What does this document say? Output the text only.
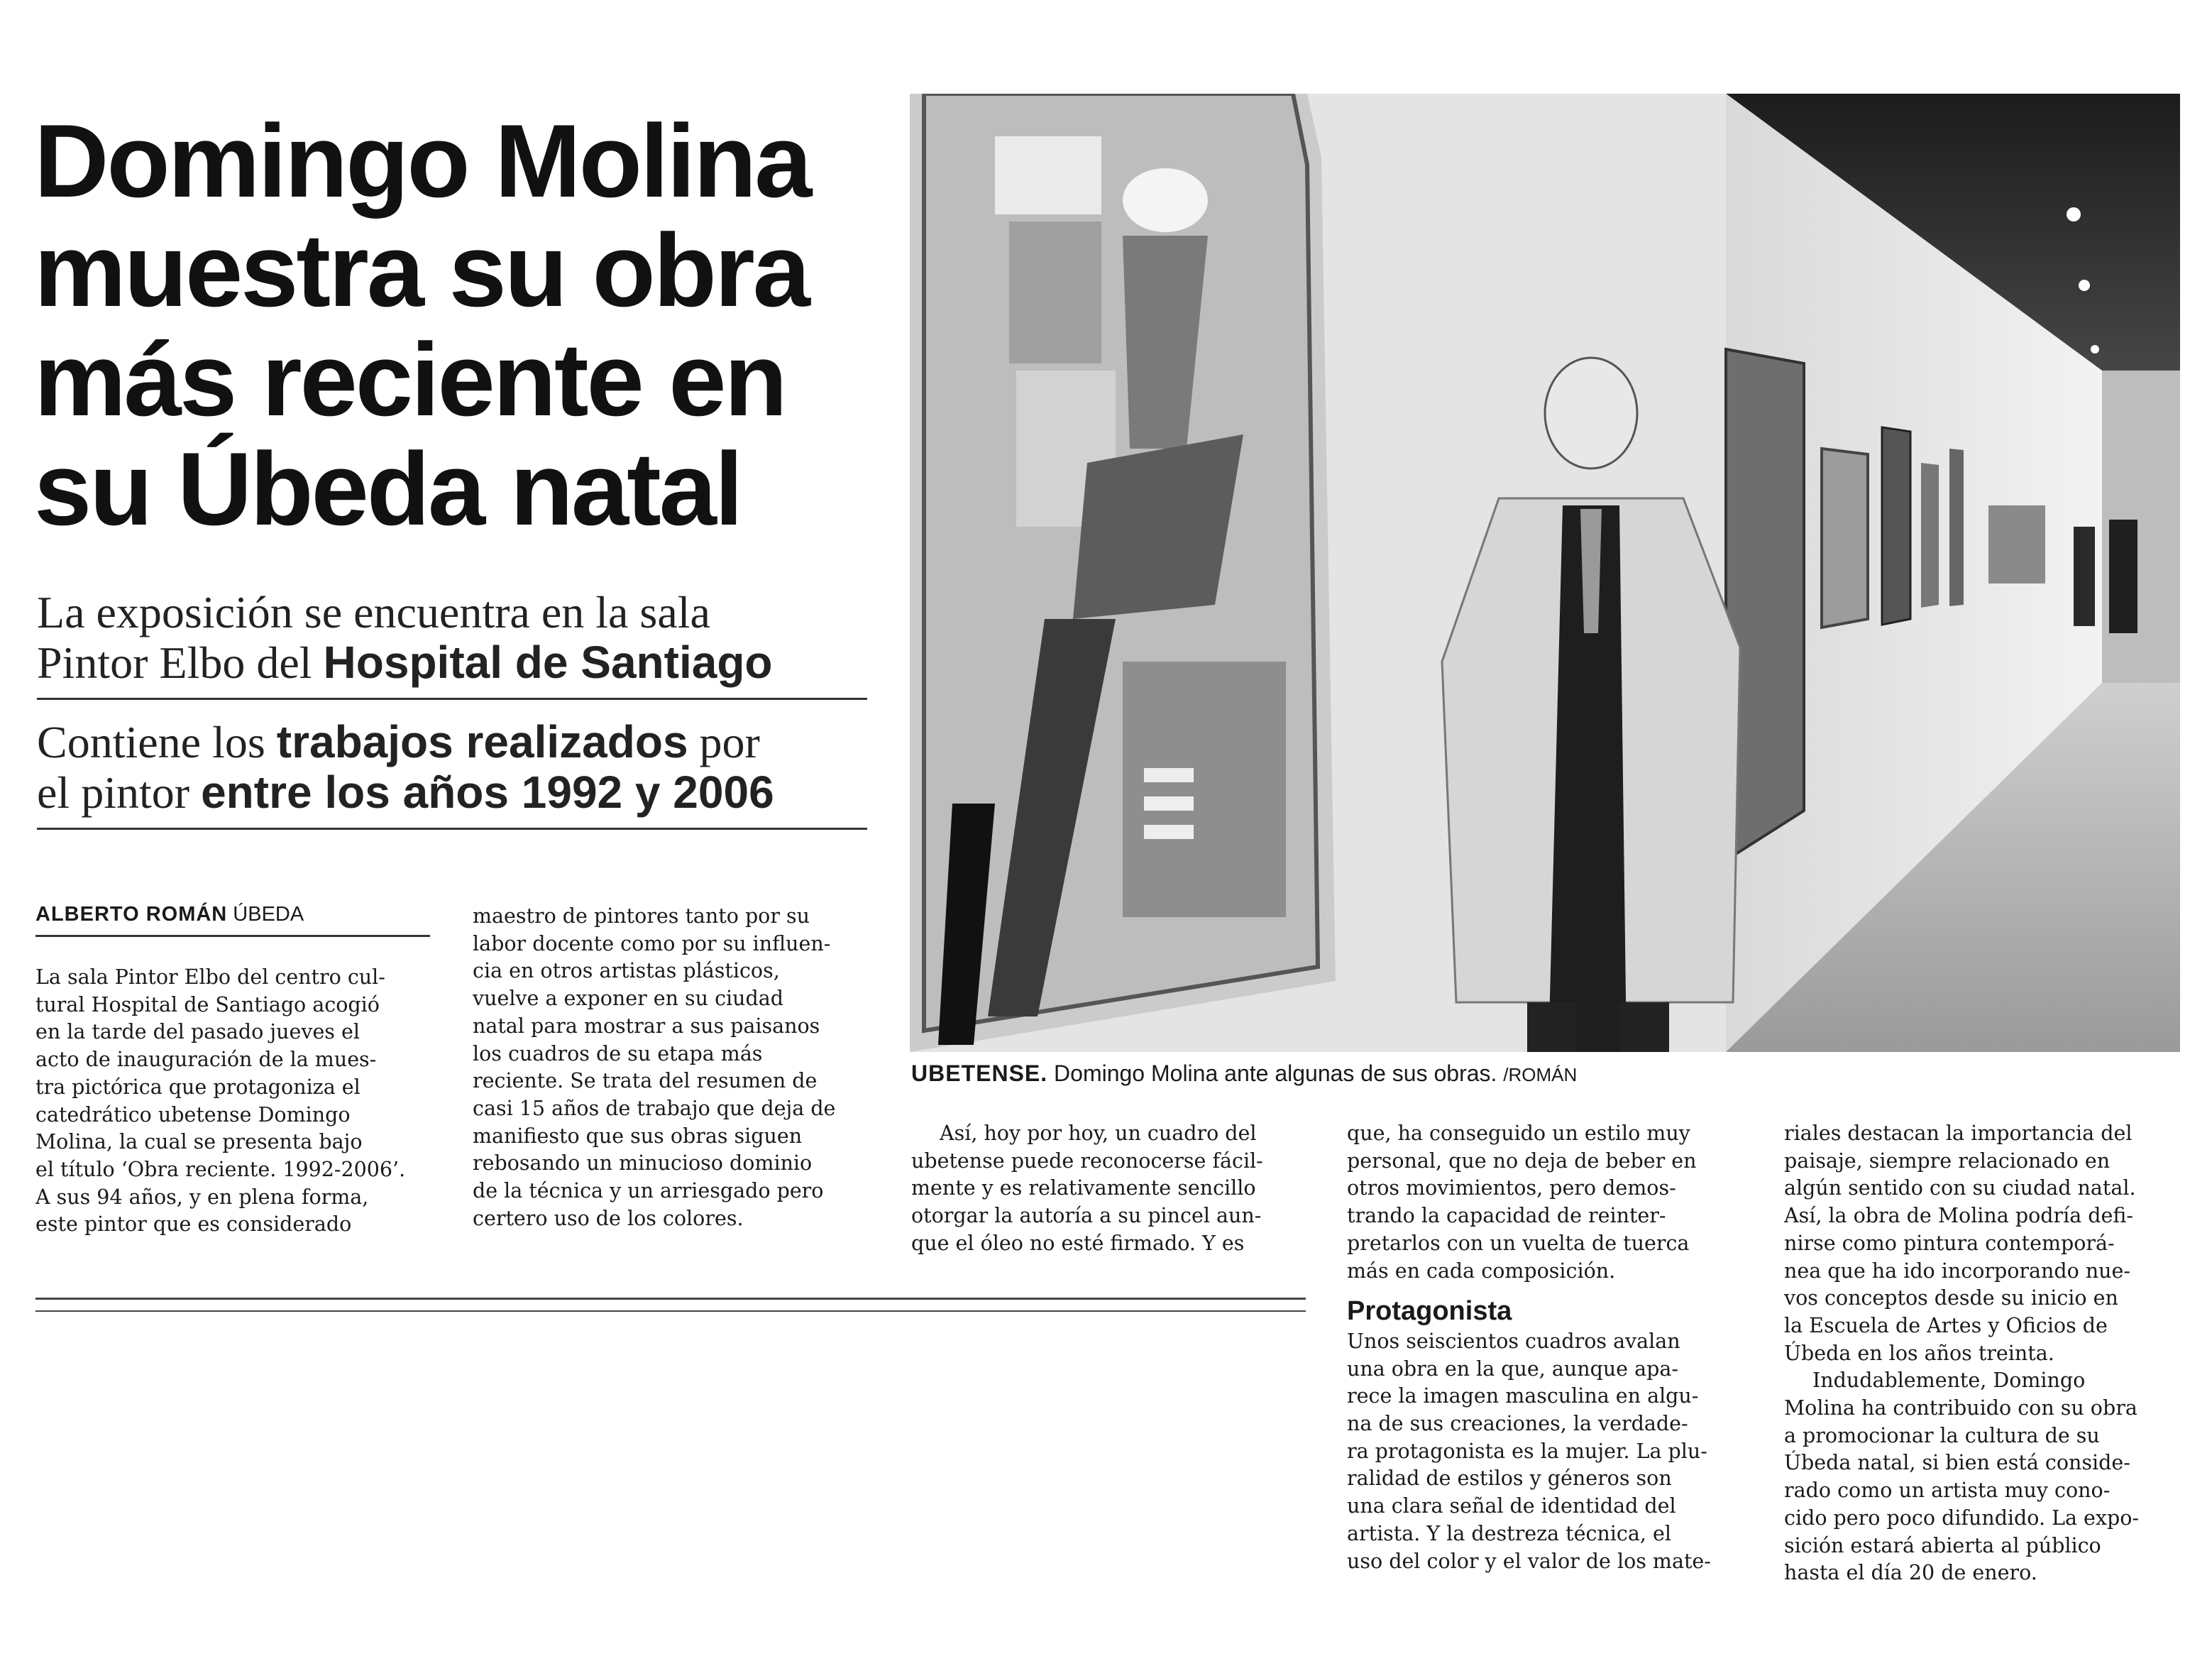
Domingo Molina
muestra su obra
más reciente en
su Úbeda natal
La exposición se encuentra en la sala
Pintor Elbo del Hospital de Santiago
Contiene los trabajos realizados por
el pintor entre los años 1992 y 2006
ALBERTO ROMÁN ÚBEDA
UBETENSE. Domingo Molina ante algunas de sus obras. /ROMÁN
La sala Pintor Elbo del centro cul-
tural Hospital de Santiago acogió
en la tarde del pasado jueves el
acto de inauguración de la mues-
tra pictórica que protagoniza el
catedrático ubetense Domingo
Molina, la cual se presenta bajo
el título ‘Obra reciente. 1992-2006’.
A sus 94 años, y en plena forma,
este pintor que es considerado
maestro de pintores tanto por su
labor docente como por su influen-
cia en otros artistas plásticos,
vuelve a exponer en su ciudad
natal para mostrar a sus paisanos
los cuadros de su etapa más
reciente. Se trata del resumen de
casi 15 años de trabajo que deja de
manifiesto que sus obras siguen
rebosando un minucioso dominio
de la técnica y un arriesgado pero
certero uso de los colores.
Así, hoy por hoy, un cuadro del
ubetense puede reconocerse fácil-
mente y es relativamente sencillo
otorgar la autoría a su pincel aun-
que el óleo no esté firmado. Y es
que, ha conseguido un estilo muy
personal, que no deja de beber en
otros movimientos, pero demos-
trando la capacidad de reinter-
pretarlos con un vuelta de tuerca
más en cada composición.
Protagonista
Unos seiscientos cuadros avalan
una obra en la que, aunque apa-
rece la imagen masculina en algu-
na de sus creaciones, la verdade-
ra protagonista es la mujer. La plu-
ralidad de estilos y géneros son
una clara señal de identidad del
artista. Y la destreza técnica, el
uso del color y el valor de los mate-
riales destacan la importancia del
paisaje, siempre relacionado en
algún sentido con su ciudad natal.
Así, la obra de Molina podría defi-
nirse como pintura contemporá-
nea que ha ido incorporando nue-
vos conceptos desde su inicio en
la Escuela de Artes y Oficios de
Úbeda en los años treinta.
Indudablemente, Domingo
Molina ha contribuido con su obra
a promocionar la cultura de su
Úbeda natal, si bien está conside-
rado como un artista muy cono-
cido pero poco difundido. La expo-
sición estará abierta al público
hasta el día 20 de enero.
